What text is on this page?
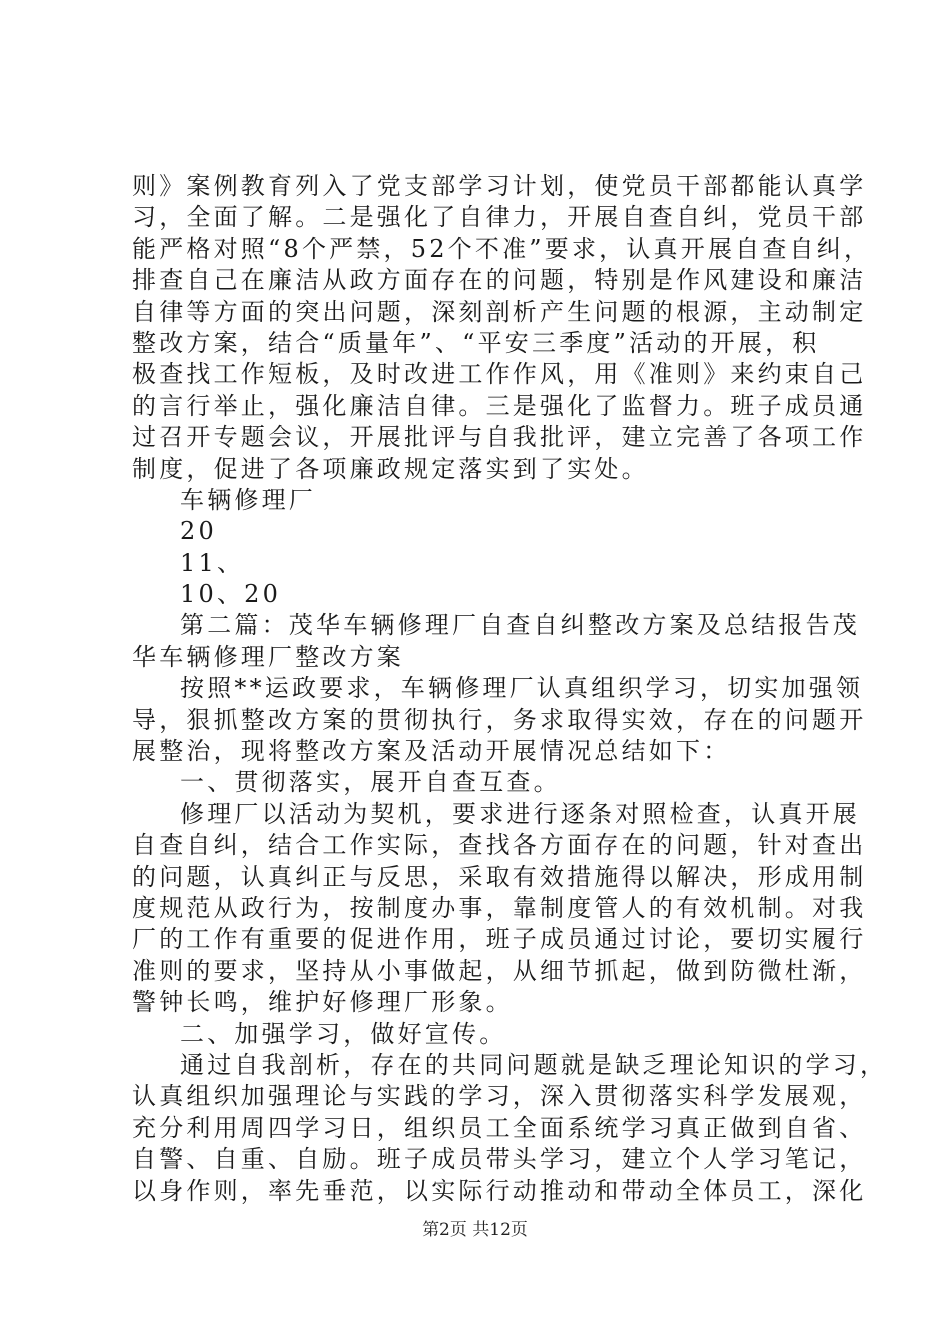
则》案例教育列入了党支部学习计划，使党员干部都能认真学
习，全面了解。二是强化了自律力，开展自查自纠，党员干部
能严格对照“8个严禁，52个不准”要求，认真开展自查自纠，
排查自己在廉洁从政方面存在的问题，特别是作风建设和廉洁
自律等方面的突出问题，深刻剖析产生问题的根源，主动制定
整改方案，结合“质量年”、“平安三季度”活动的开展，积
极查找工作短板，及时改进工作作风，用《准则》来约束自己
的言行举止，强化廉洁自律。三是强化了监督力。班子成员通
过召开专题会议，开展批评与自我批评，建立完善了各项工作
制度，促进了各项廉政规定落实到了实处。
车辆修理厂
20
11、
10、20
第二篇：茂华车辆修理厂自查自纠整改方案及总结报告茂
华车辆修理厂整改方案
按照**运政要求，车辆修理厂认真组织学习，切实加强领
导，狠抓整改方案的贯彻执行，务求取得实效，存在的问题开
展整治，现将整改方案及活动开展情况总结如下：
一、贯彻落实，展开自查互查。
修理厂以活动为契机，要求进行逐条对照检查，认真开展
自查自纠，结合工作实际，查找各方面存在的问题，针对查出
的问题，认真纠正与反思，采取有效措施得以解决，形成用制
度规范从政行为，按制度办事，靠制度管人的有效机制。对我
厂的工作有重要的促进作用，班子成员通过讨论，要切实履行
准则的要求，坚持从小事做起，从细节抓起，做到防微杜渐，
警钟长鸣，维护好修理厂形象。
二、加强学习，做好宣传。
通过自我剖析，存在的共同问题就是缺乏理论知识的学习，
认真组织加强理论与实践的学习，深入贯彻落实科学发展观，
充分利用周四学习日，组织员工全面系统学习真正做到自省、
自警、自重、自励。班子成员带头学习，建立个人学习笔记，
以身作则，率先垂范，以实际行动推动和带动全体员工，深化
第2页 共12页
